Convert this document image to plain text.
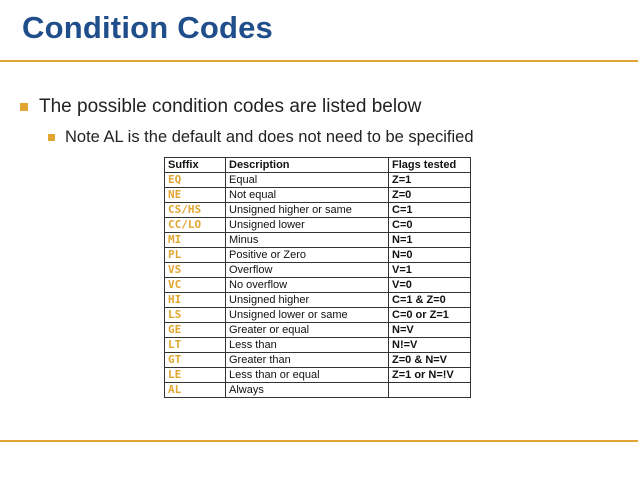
Condition Codes
The possible condition codes are listed below
Note AL is the default and does not need to be specified
Suffix	Description	Flags tested
EQ	Equal	Z=1
NE	Not equal	Z=0
CS/HS	Unsigned higher or same	C=1
CC/LO	Unsigned lower	C=0
MI	Minus	N=1
PL	Positive or Zero	N=0
VS	Overflow	V=1
VC	No overflow	V=0
HI	Unsigned higher	C=1 & Z=0
LS	Unsigned lower or same	C=0 or Z=1
GE	Greater or equal	N=V
LT	Less than	N!=V
GT	Greater than	Z=0 & N=V
LE	Less than or equal	Z=1 or N=!V
AL	Always	
